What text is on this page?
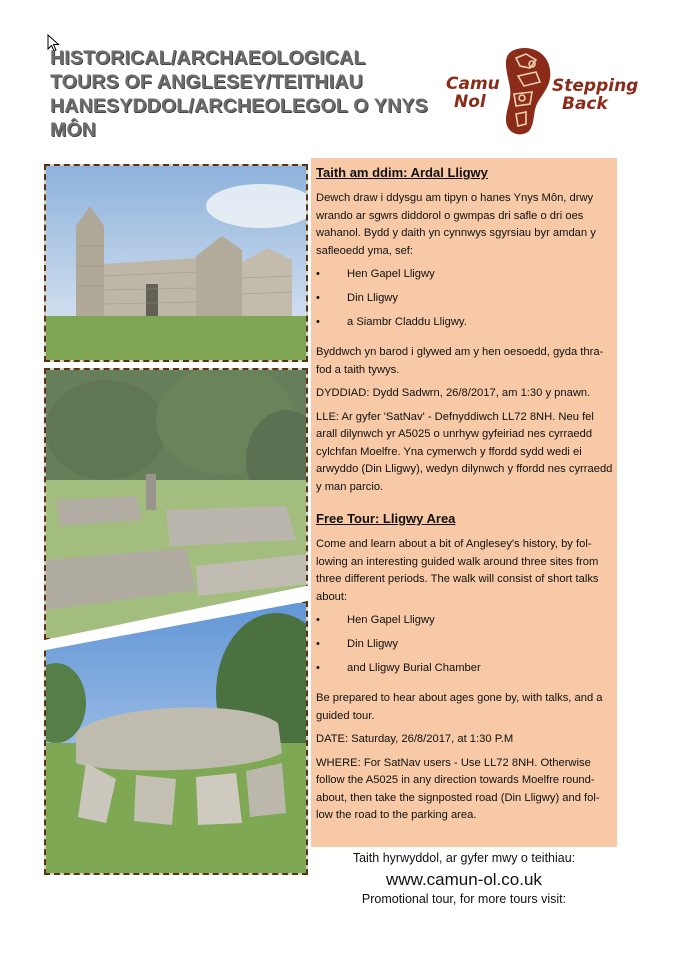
HISTORICAL/ARCHAEOLOGICAL TOURS OF ANGLESEY/TEITHIAU HANESYDDOL/ARCHEOLEGOL O YNYS MÔN
Camu
Nol
Stepping
Back
Taith am ddim: Ardal Lligwy

Dewch draw i ddysgu am tipyn o hanes Ynys Môn, drwy wrando ar sgwrs diddorol o gwmpas dri safle o dri oes wahanol. Bydd y daith yn cynnwys sgyrsiau byr amdan y safleoedd yma, sef:

• Hen Gapel Lligwy
• Din Lligwy
• a Siambr Claddu Lligwy.

Byddwch yn barod i glywed am y hen oesoedd, gyda thra-fod a taith tywys.

DYDDIAD: Dydd Sadwrn, 26/8/2017, am 1:30 y pnawn.

LLE: Ar gyfer 'SatNav' - Defnyddiwch LL72 8NH. Neu fel arall dilynwch yr A5025 o unrhyw gyfeiriad nes cyrraedd cylchfan Moelfre. Yna cymerwch y ffordd sydd wedi ei arwyddo (Din Lligwy), wedyn dilynwch y ffordd nes cyrraedd y man parcio.

Free Tour: Lligwy Area

Come and learn about a bit of Anglesey's history, by fol-lowing an interesting guided walk around three sites from three different periods. The walk will consist of short talks about:

• Hen Gapel Lligwy
• Din Lligwy
• and Lligwy Burial Chamber

Be prepared to hear about ages gone by, with talks, and a guided tour.

DATE: Saturday, 26/8/2017, at 1:30 P.M

WHERE: For SatNav users - Use LL72 8NH. Otherwise follow the A5025 in any direction towards Moelfre round-about, then take the signposted road (Din Lligwy) and fol-low the road to the parking area.

Taith hyrwyddol, ar gyfer mwy o teithiau:
www.camun-ol.co.uk
Promotional tour, for more tours visit:
